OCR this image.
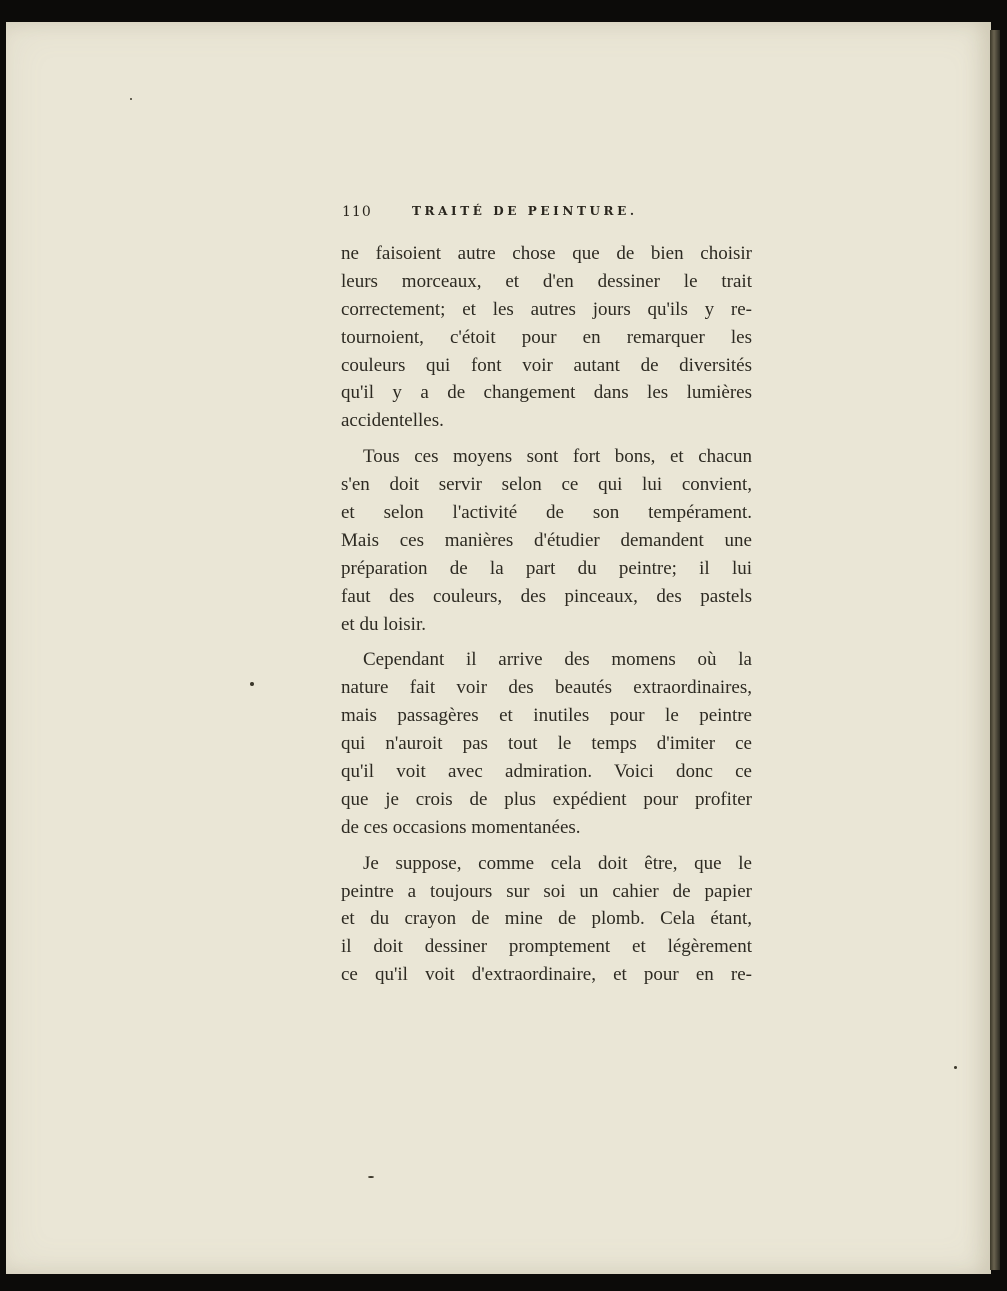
110	TRAITÉ DE PEINTURE.
ne faisoient autre chose que de bien choisir
leurs morceaux, et d'en dessiner le trait
correctement; et les autres jours qu'ils y re-
tournoient, c'étoit pour en remarquer les
couleurs qui font voir autant de diversités
qu'il y a de changement dans les lumières
accidentelles.
Tous ces moyens sont fort bons, et chacun
s'en doit servir selon ce qui lui convient,
et selon l'activité de son tempérament.
Mais ces manières d'étudier demandent une
préparation de la part du peintre; il lui
faut des couleurs, des pinceaux, des pastels
et du loisir.
Cependant il arrive des momens où la
nature fait voir des beautés extraordinaires,
mais passagères et inutiles pour le peintre
qui n'auroit pas tout le temps d'imiter ce
qu'il voit avec admiration. Voici donc ce
que je crois de plus expédient pour profiter
de ces occasions momentanées.
Je suppose, comme cela doit être, que le
peintre a toujours sur soi un cahier de papier
et du crayon de mine de plomb. Cela étant,
il doit dessiner promptement et légèrement
ce qu'il voit d'extraordinaire, et pour en re-
